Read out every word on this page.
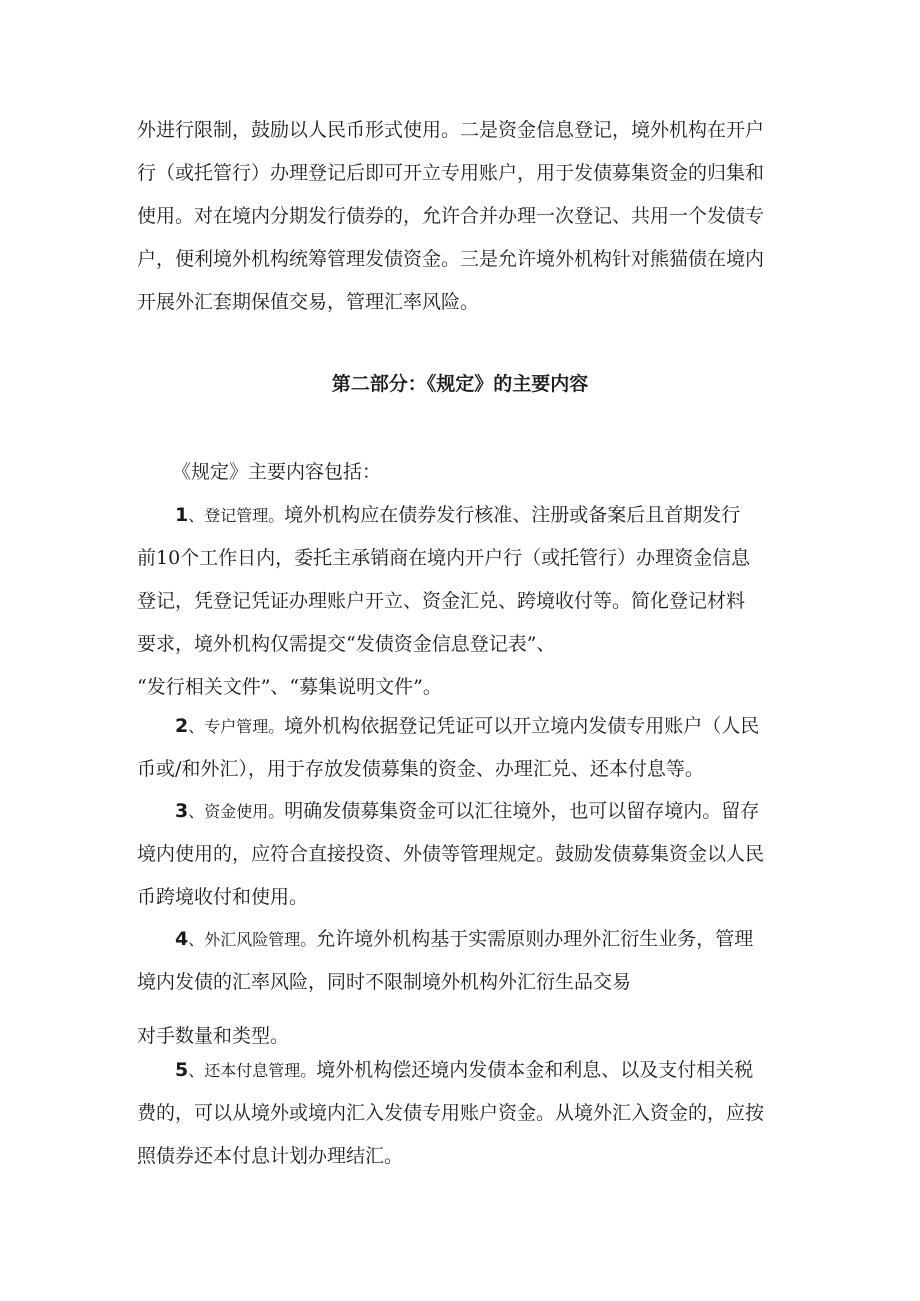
外进行限制，鼓励以人民币形式使用。二是资金信息登记，境外机构在开户
行（或托管行）办理登记后即可开立专用账户，用于发债募集资金的归集和
使用。对在境内分期发行债券的，允许合并办理一次登记、共用一个发债专
户，便利境外机构统筹管理发债资金。三是允许境外机构针对熊猫债在境内
开展外汇套期保值交易，管理汇率风险。

第二部分：《规定》的主要内容

《规定》主要内容包括：

1、登记管理。境外机构应在债券发行核准、注册或备案后且首期发行
前10个工作日内，委托主承销商在境内开户行（或托管行）办理资金信息
登记，凭登记凭证办理账户开立、资金汇兑、跨境收付等。简化登记材料
要求，境外机构仅需提交“发债资金信息登记表”、
“发行相关文件”、“募集说明文件”。
2、专户管理。境外机构依据登记凭证可以开立境内发债专用账户（人民
币或/和外汇），用于存放发债募集的资金、办理汇兑、还本付息等。
3、资金使用。明确发债募集资金可以汇往境外，也可以留存境内。留存
境内使用的，应符合直接投资、外债等管理规定。鼓励发债募集资金以人民
币跨境收付和使用。
4、外汇风险管理。允许境外机构基于实需原则办理外汇衍生业务，管理
境内发债的汇率风险，同时不限制境外机构外汇衍生品交易
对手数量和类型。
5、还本付息管理。境外机构偿还境内发债本金和利息、以及支付相关税
费的，可以从境外或境内汇入发债专用账户资金。从境外汇入资金的，应按
照债券还本付息计划办理结汇。
